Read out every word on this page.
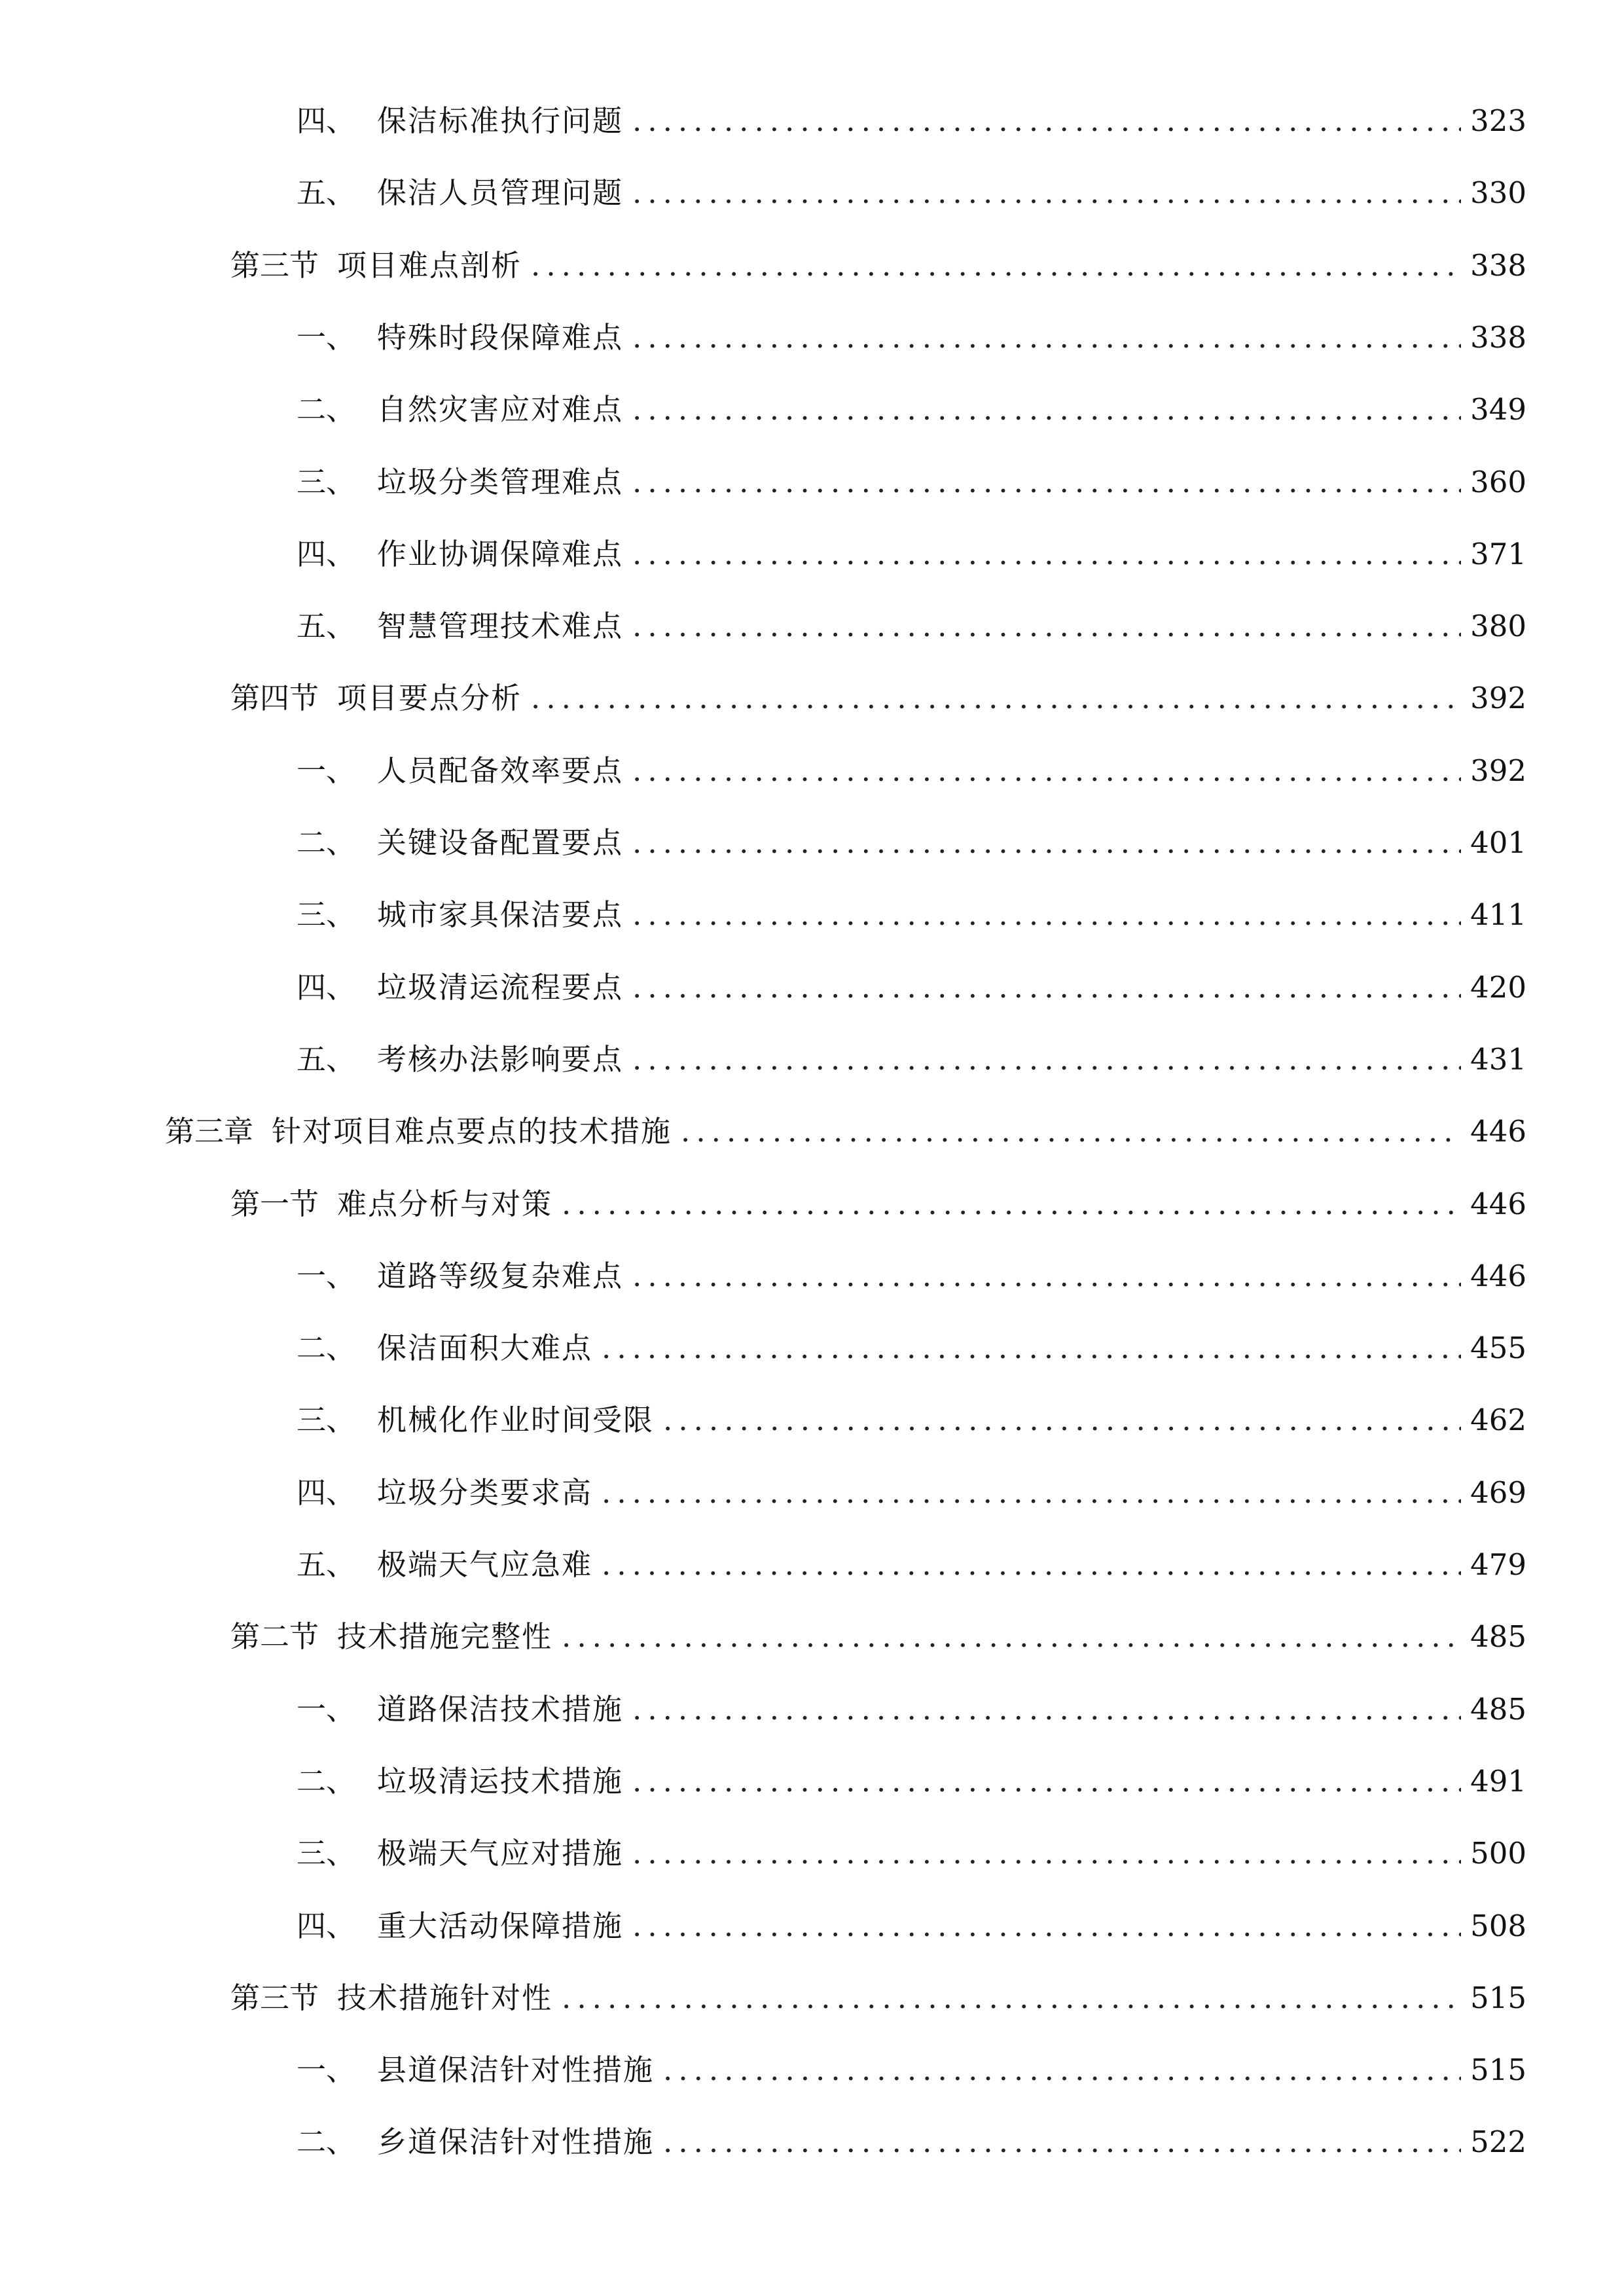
四、 保洁标准执行问题 .....	323
五、 保洁人员管理问题 .....	330
第三节 项目难点剖析 .....	338
一、 特殊时段保障难点 .....	338
二、 自然灾害应对难点 .....	349
三、 垃圾分类管理难点 .....	360
四、 作业协调保障难点 .....	371
五、 智慧管理技术难点 .....	380
第四节 项目要点分析 .....	392
一、 人员配备效率要点 .....	392
二、 关键设备配置要点 .....	401
三、 城市家具保洁要点 .....	411
四、 垃圾清运流程要点 .....	420
五、 考核办法影响要点 .....	431
第三章 针对项目难点要点的技术措施 .....	446
第一节 难点分析与对策 .....	446
一、 道路等级复杂难点 .....	446
二、 保洁面积大难点 .....	455
三、 机械化作业时间受限 .....	462
四、 垃圾分类要求高 .....	469
五、 极端天气应急难 .....	479
第二节 技术措施完整性 .....	485
一、 道路保洁技术措施 .....	485
二、 垃圾清运技术措施 .....	491
三、 极端天气应对措施 .....	500
四、 重大活动保障措施 .....	508
第三节 技术措施针对性 .....	515
一、 县道保洁针对性措施 .....	515
二、 乡道保洁针对性措施 .....	522
